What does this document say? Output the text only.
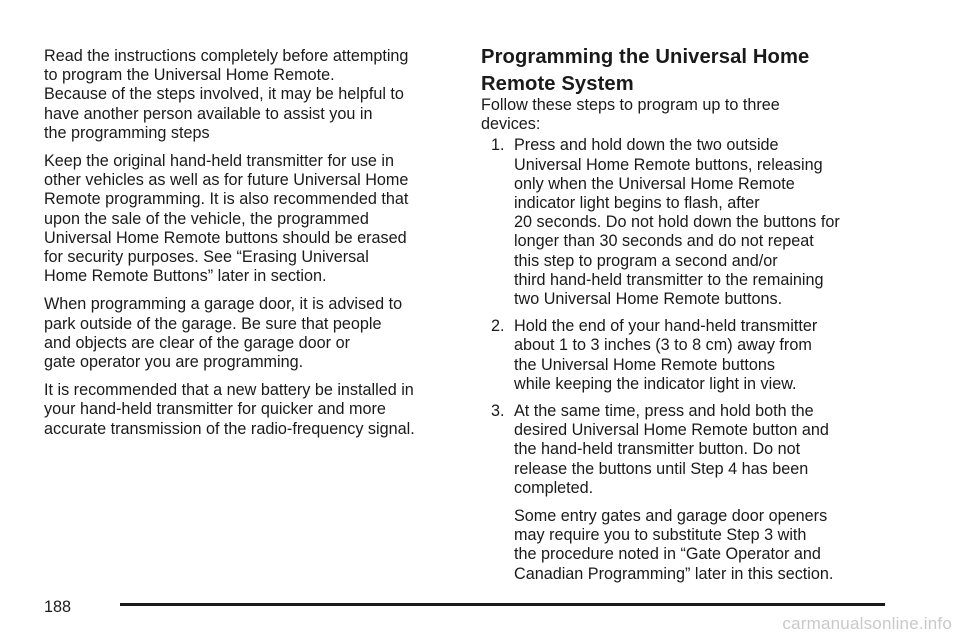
Read the instructions completely before attempting
to program the Universal Home Remote.
Because of the steps involved, it may be helpful to
have another person available to assist you in
the programming steps

Keep the original hand-held transmitter for use in
other vehicles as well as for future Universal Home
Remote programming. It is also recommended that
upon the sale of the vehicle, the programmed
Universal Home Remote buttons should be erased
for security purposes. See “Erasing Universal
Home Remote Buttons” later in section.

When programming a garage door, it is advised to
park outside of the garage. Be sure that people
and objects are clear of the garage door or
gate operator you are programming.

It is recommended that a new battery be installed in
your hand-held transmitter for quicker and more
accurate transmission of the radio-frequency signal.

Programming the Universal Home
Remote System

Follow these steps to program up to three
devices:

1. Press and hold down the two outside
Universal Home Remote buttons, releasing
only when the Universal Home Remote
indicator light begins to flash, after
20 seconds. Do not hold down the buttons for
longer than 30 seconds and do not repeat
this step to program a second and/or
third hand-held transmitter to the remaining
two Universal Home Remote buttons.
2. Hold the end of your hand-held transmitter
about 1 to 3 inches (3 to 8 cm) away from
the Universal Home Remote buttons
while keeping the indicator light in view.
3. At the same time, press and hold both the
desired Universal Home Remote button and
the hand-held transmitter button. Do not
release the buttons until Step 4 has been
completed.

Some entry gates and garage door openers
may require you to substitute Step 3 with
the procedure noted in “Gate Operator and
Canadian Programming” later in this section.

188
carmanualsonline.info
